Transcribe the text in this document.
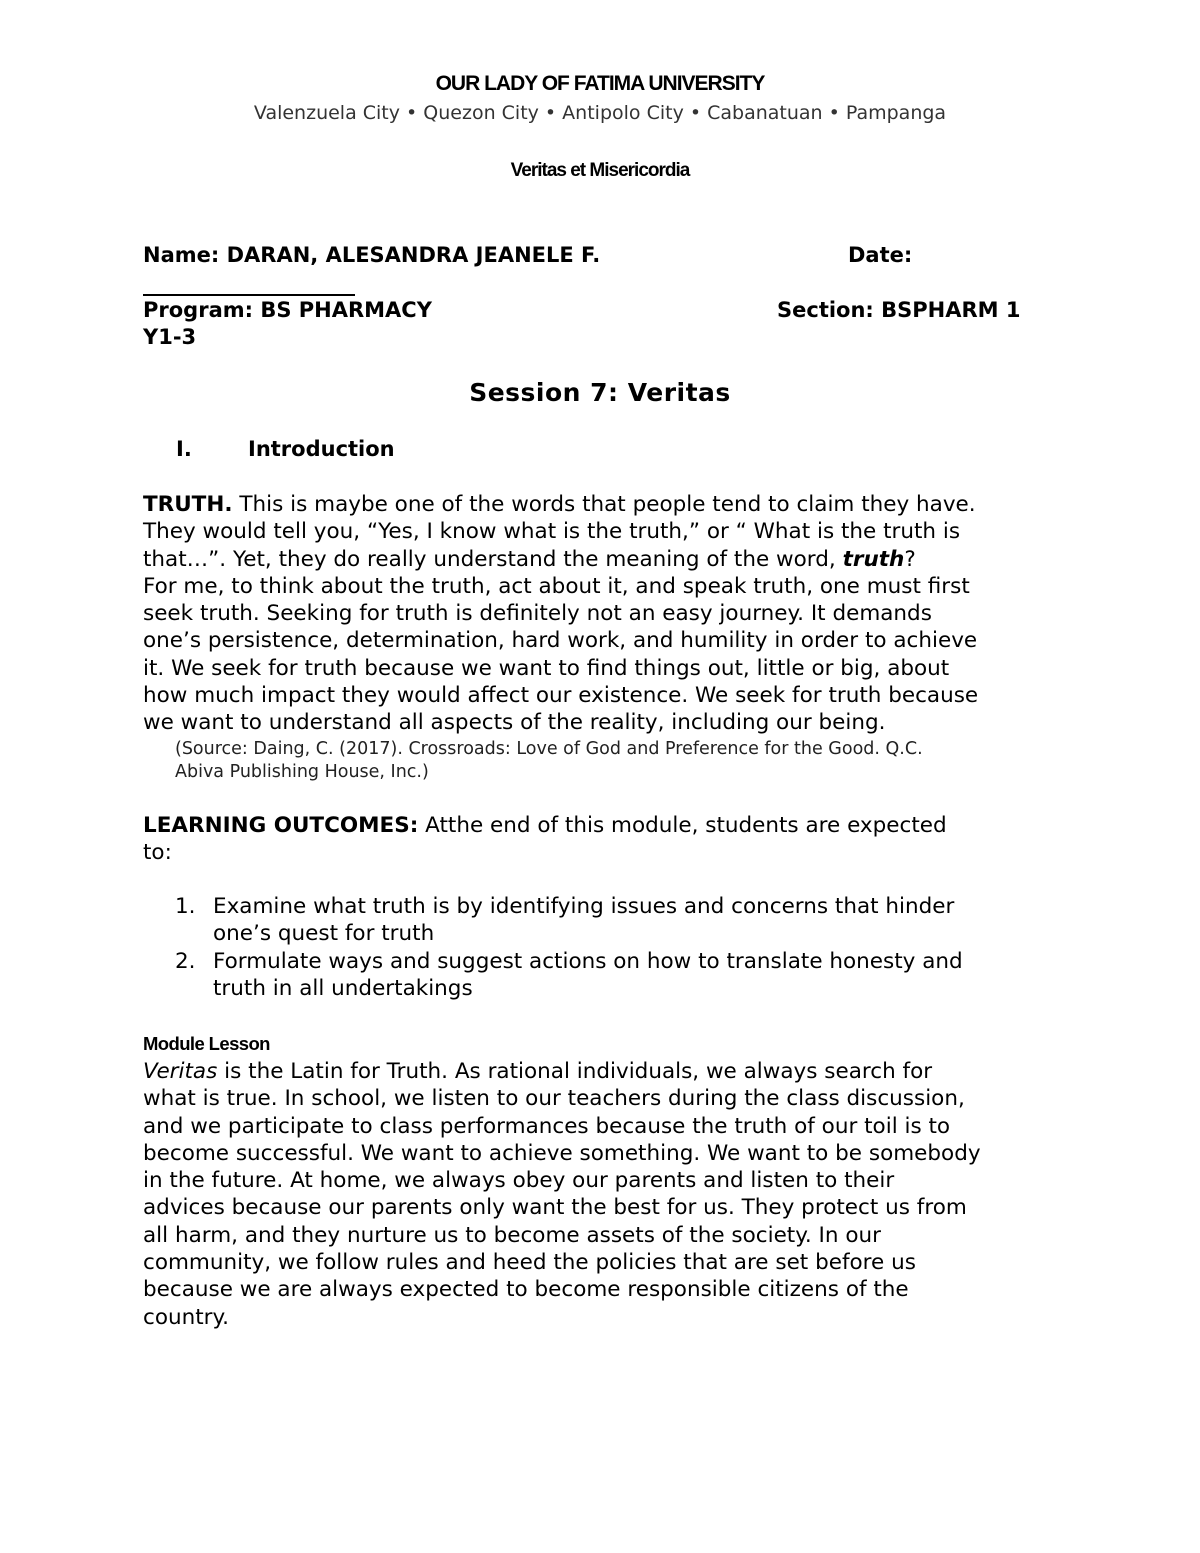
OUR LADY OF FATIMA UNIVERSITY
Valenzuela City • Quezon City • Antipolo City • Cabanatuan • Pampanga
Veritas et Misericordia
Name: DARAN, ALESANDRA JEANELE F.	Date:
Program: BS PHARMACY	Section: BSPHARM 1
Y1-3
Session 7: Veritas
I.	Introduction
TRUTH. This is maybe one of the words that people tend to claim they have.
They would tell you, “Yes, I know what is the truth,” or “ What is the truth is
that…”. Yet, they do really understand the meaning of the word, truth?
For me, to think about the truth, act about it, and speak truth, one must first
seek truth. Seeking for truth is definitely not an easy journey. It demands
one’s persistence, determination, hard work, and humility in order to achieve
it. We seek for truth because we want to find things out, little or big, about
how much impact they would affect our existence. We seek for truth because
we want to understand all aspects of the reality, including our being.
(Source: Daing, C. (2017). Crossroads: Love of God and Preference for the Good. Q.C.
Abiva Publishing House, Inc.)
LEARNING OUTCOMES: Atthe end of this module, students are expected
to:
1. Examine what truth is by identifying issues and concerns that hinder
one’s quest for truth
2. Formulate ways and suggest actions on how to translate honesty and
truth in all undertakings
Module Lesson
Veritas is the Latin for Truth. As rational individuals, we always search for
what is true. In school, we listen to our teachers during the class discussion,
and we participate to class performances because the truth of our toil is to
become successful. We want to achieve something. We want to be somebody
in the future. At home, we always obey our parents and listen to their
advices because our parents only want the best for us. They protect us from
all harm, and they nurture us to become assets of the society. In our
community, we follow rules and heed the policies that are set before us
because we are always expected to become responsible citizens of the
country.
